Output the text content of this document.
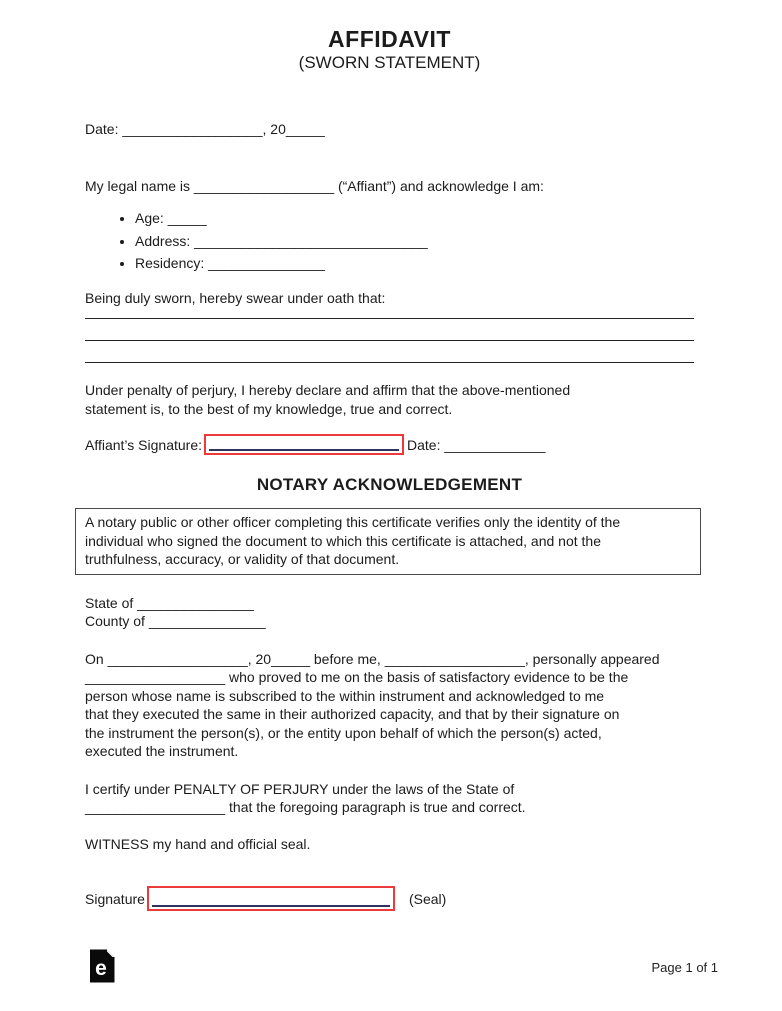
AFFIDAVIT
(SWORN STATEMENT)
Date: __________________, 20_____
My legal name is __________________ (“Affiant”) and acknowledge I am:
• Age: _____
• Address: ______________________________
• Residency: _______________
Being duly sworn, hereby swear under oath that:
Under penalty of perjury, I hereby declare and affirm that the above-mentioned
statement is, to the best of my knowledge, true and correct.
Affiant’s Signature:	Date: _____________
NOTARY ACKNOWLEDGEMENT
A notary public or other officer completing this certificate verifies only the identity of the
individual who signed the document to which this certificate is attached, and not the
truthfulness, accuracy, or validity of that document.
State of _______________
County of _______________
On __________________, 20_____ before me, __________________, personally appeared
__________________ who proved to me on the basis of satisfactory evidence to be the
person whose name is subscribed to the within instrument and acknowledged to me
that they executed the same in their authorized capacity, and that by their signature on
the instrument the person(s), or the entity upon behalf of which the person(s) acted,
executed the instrument.
I certify under PENALTY OF PERJURY under the laws of the State of
__________________ that the foregoing paragraph is true and correct.
WITNESS my hand and official seal.
Signature	(Seal)
e	Page 1 of 1
